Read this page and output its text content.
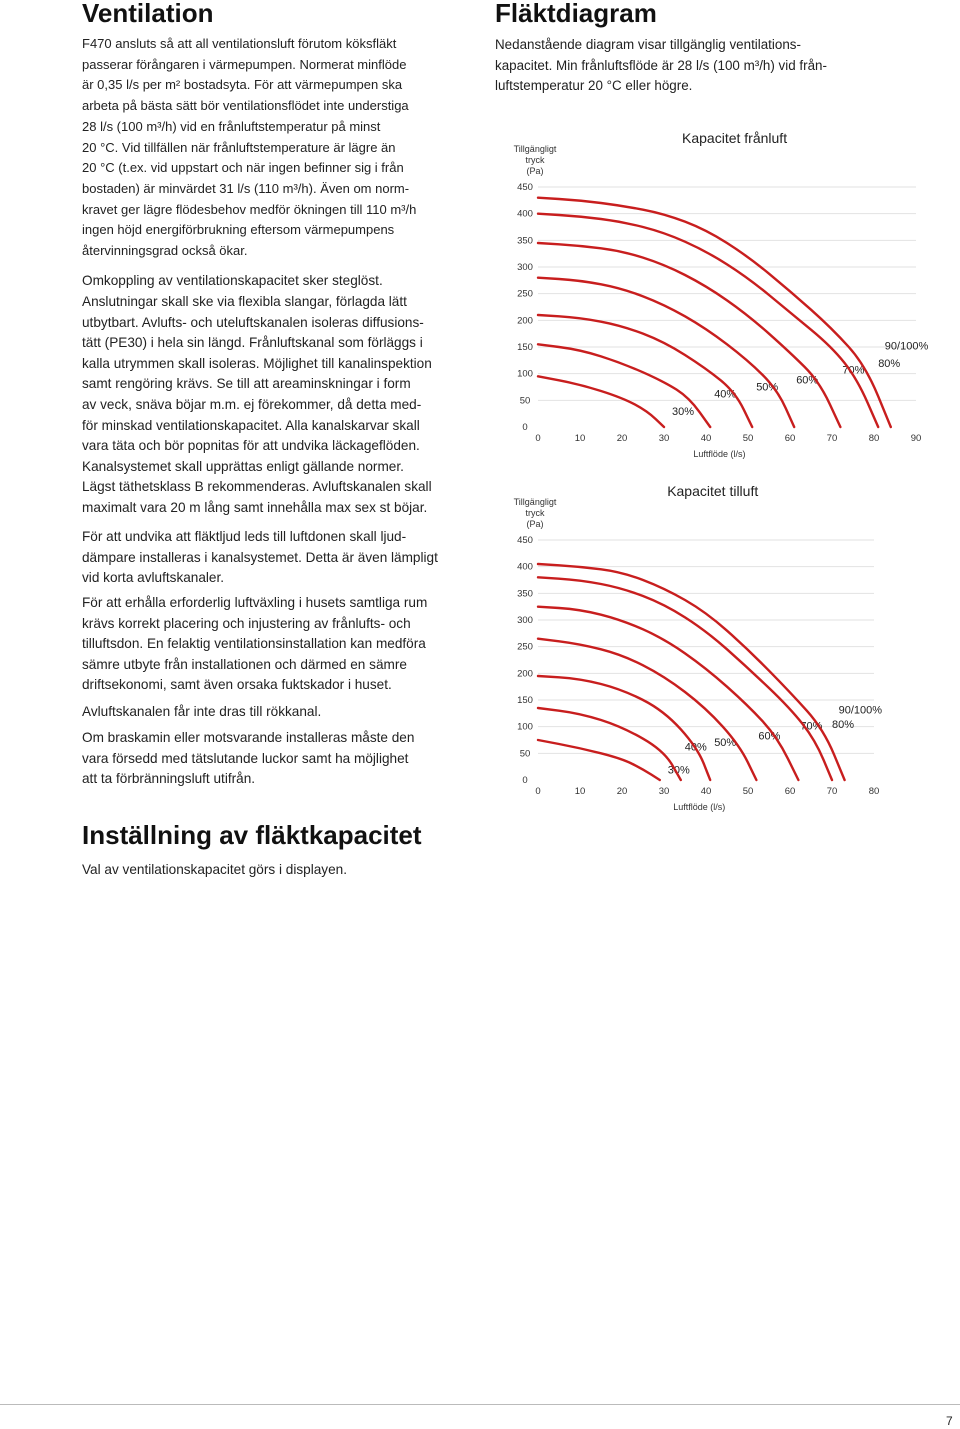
Ventilation	Fläktdiagram

F470 ansluts så att all ventilationsluft förutom köksfläkt
passerar förångaren i värmepumpen. Normerat minflöde
är 0,35 l/s per m² bostadsyta. För att värmepumpen ska
arbeta på bästa sätt bör ventilationsflödet inte understiga
28 l/s (100 m³/h) vid en frånluftstemperatur på minst
20 °C. Vid tillfällen när frånluftstemperature är lägre än
20 °C (t.ex. vid uppstart och när ingen befinner sig i från
bostaden) är minvärdet 31 l/s (110 m³/h). Även om norm-
kravet ger lägre flödesbehov medför ökningen till 110 m³/h
ingen höjd energiförbrukning eftersom värmepumpens
återvinningsgrad också ökar.

Omkoppling av ventilationskapacitet sker steglöst.

Anslutningar skall ske via flexibla slangar, förlagda lätt
utbytbart. Avlufts- och uteluftskanalen isoleras diffusions-
tätt (PE30) i hela sin längd. Frånluftskanal som förläggs i
kalla utrymmen skall isoleras. Möjlighet till kanalinspektion
samt rengöring krävs. Se till att areaminskningar i form
av veck, snäva böjar m.m. ej förekommer, då detta med-
för minskad ventilationskapacitet. Alla kanalskarvar skall
vara täta och bör popnitas för att undvika läckageflöden.
Kanalsystemet skall upprättas enligt gällande normer.
Lägst täthetsklass B rekommenderas. Avluftskanalen skall
maximalt vara 20 m lång samt innehålla max sex st böjar.

För att undvika att fläktljud leds till luftdonen skall ljud-
dämpare installeras i kanalsystemet. Detta är även lämpligt
vid korta avluftskanaler.

För att erhålla erforderlig luftväxling i husets samtliga rum
krävs korrekt placering och injustering av frånlufts- och
tilluftsdon. En felaktig ventilationsinstallation kan medföra
sämre utbyte från installationen och därmed en sämre
driftsekonomi, samt även orsaka fuktskador i huset.

Avluftskanalen får inte dras till rökkanal.

Om braskamin eller motsvarande installeras måste den
vara försedd med tätslutande luckor samt ha möjlighet
att ta förbränningsluft utifrån.

Nedanstående diagram visar tillgänglig ventilations-
kapacitet. Min frånluftsflöde är 28 l/s (100 m³/h) vid från-
luftstemperatur 20 °C eller högre.
Kapacitet frånluft
Tillgängligt
tryck
(Pa)
0
50
100
150
200
250
300
350
400
450
0	10	20	30	40	50	60	70	80	90
Luftflöde (l/s)
30%
40%
50%
60%
70%
80%
90/100%
Kapacitet tilluft
Tillgängligt
tryck
(Pa)
0
50
100
150
200
250
300
350
400
450
0	10	20	30	40	50	60	70	80
Luftflöde (l/s)
30%
40% 50%
60%
70% 80%
90/100%
Inställning av fläktkapacitet
Val av ventilationskapacitet görs i displayen.
7
